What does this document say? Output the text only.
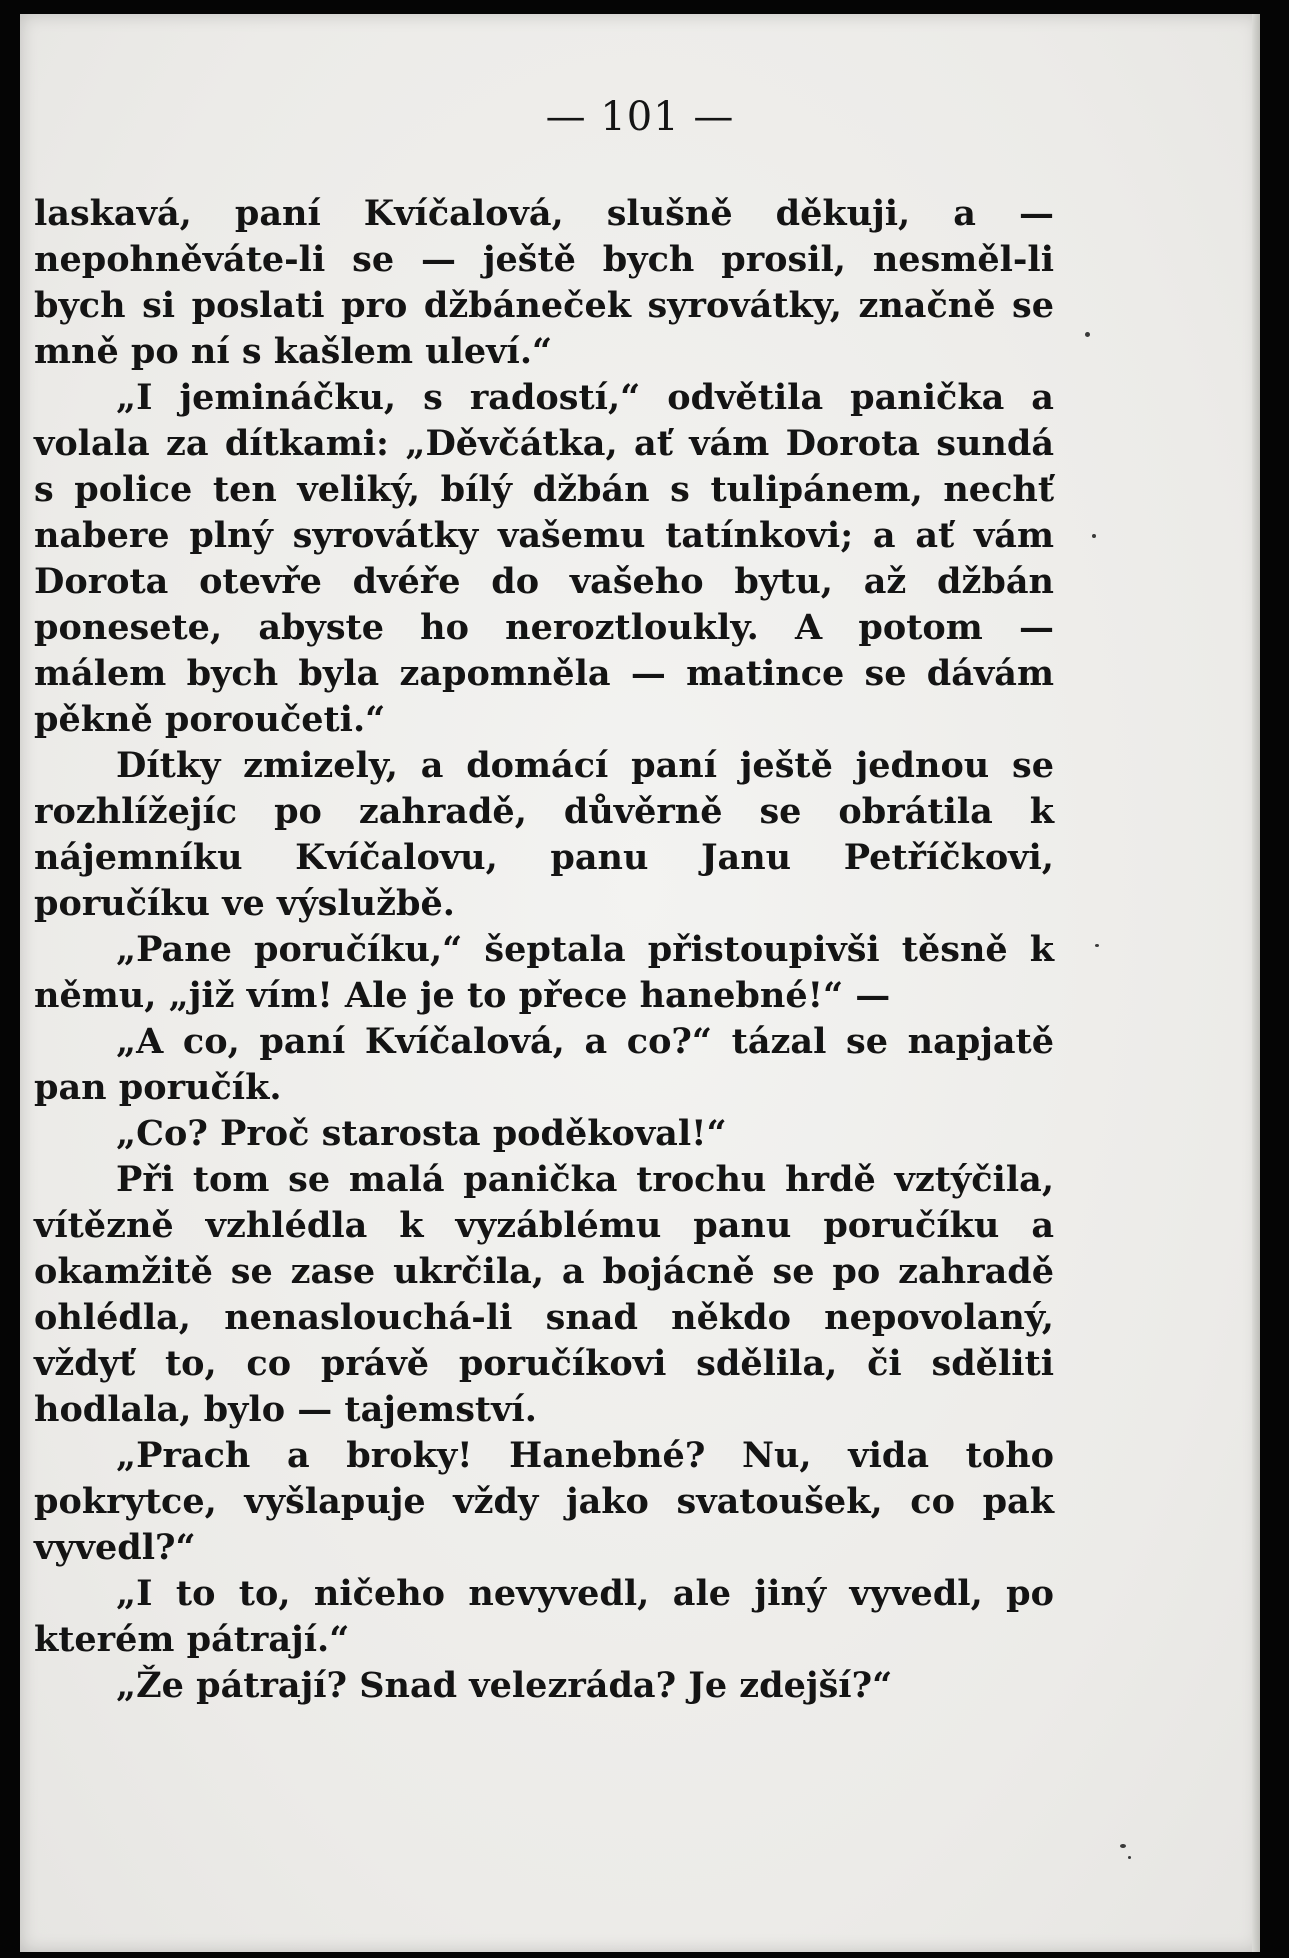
— 101 —

laskavá, paní Kvíčalová, slušně děkuji, a — nepohněváte-li se — ještě bych prosil, nesměl-li bych si poslati pro džbáneček syrovátky, značně se mně po ní s kašlem uleví.“

„I jemináčku, s radostí,“ odvětila panička a volala za dítkami: „Děvčátka, ať vám Dorota sundá s police ten veliký, bílý džbán s tulipánem, nechť nabere plný syrovátky vašemu tatínkovi; a ať vám Dorota otevře dvéře do vašeho bytu, až džbán ponesete, abyste ho neroztloukly. A potom — málem bych byla zapomněla — matince se dávám pěkně poroučeti.“

Dítky zmizely, a domácí paní ještě jednou se rozhlížejíc po zahradě, důvěrně se obrátila k nájemníku Kvíčalovu, panu Janu Petříčkovi, poručíku ve výslužbě.

„Pane poručíku,“ šeptala přistoupivši těsně k němu, „již vím! Ale je to přece hanebné!“ —

„A co, paní Kvíčalová, a co?“ tázal se napjatě pan poručík.

„Co? Proč starosta poděkoval!“

Při tom se malá panička trochu hrdě vztýčila, vítězně vzhlédla k vyzáblému panu poručíku a okamžitě se zase ukrčila, a bojácně se po zahradě ohlédla, nenaslouchá-li snad někdo nepovolaný, vždyť to, co právě poručíkovi sdělila, či sděliti hodlala, bylo — tajemství.

„Prach a broky! Hanebné? Nu, vida toho pokrytce, vyšlapuje vždy jako svatoušek, co pak vyvedl?“

„I to to, ničeho nevyvedl, ale jiný vyvedl, po kterém pátrají.“

„Že pátrají? Snad velezráda? Je zdejší?“
